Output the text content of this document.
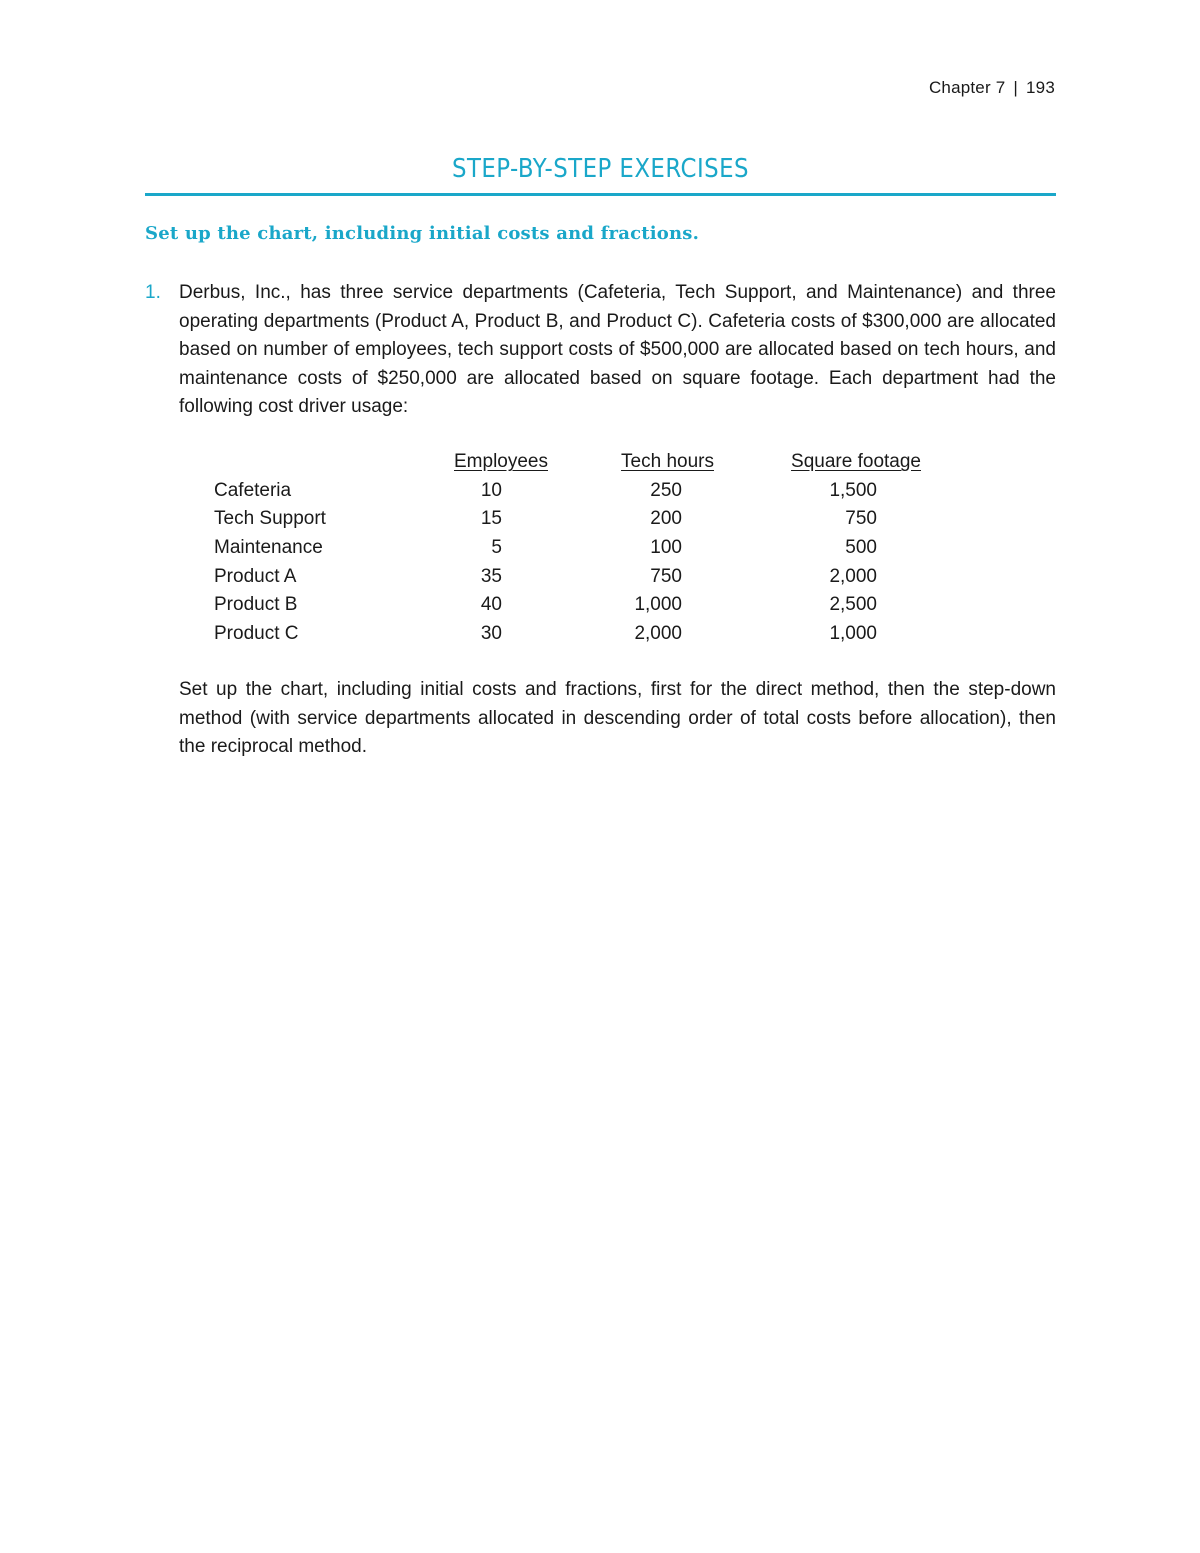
Chapter 7 | 193
STEP-BY-STEP EXERCISES
Set up the chart, including initial costs and fractions.
1. Derbus, Inc., has three service departments (Cafeteria, Tech Support, and Maintenance) and three operating departments (Product A, Product B, and Product C). Cafeteria costs of $300,000 are allocated based on number of employees, tech support costs of $500,000 are allocated based on tech hours, and maintenance costs of $250,000 are allocated based on square footage. Each department had the following cost driver usage:
	Employees	Tech hours	Square footage
Cafeteria	10	250	1,500
Tech Support	15	200	750
Maintenance	5	100	500
Product A	35	750	2,000
Product B	40	1,000	2,500
Product C	30	2,000	1,000
Set up the chart, including initial costs and fractions, first for the direct method, then the step-down method (with service departments allocated in descending order of total costs before allocation), then the reciprocal method.
